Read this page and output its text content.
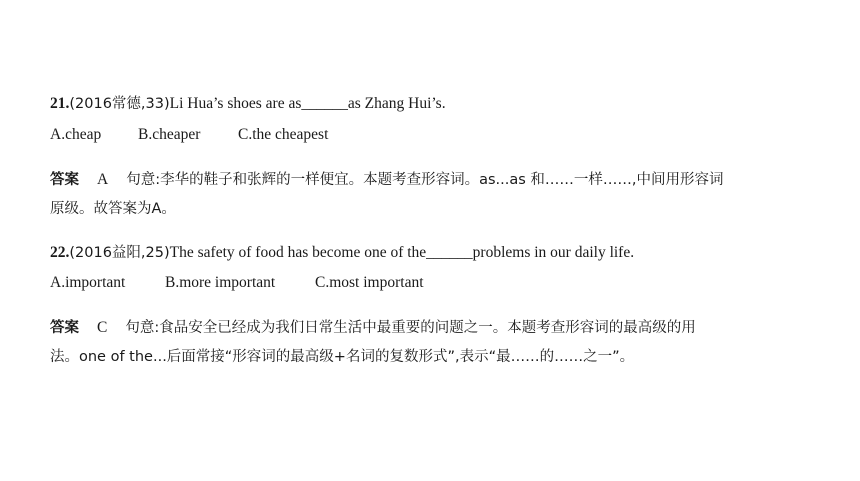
21.(2016常德,33)Li Hua’s shoes are as______as Zhang Hui’s.
A.cheap B.cheaper C.the cheapest
答案 A 句意:李华的鞋子和张辉的一样便宜。本题考查形容词。as...as 和……一样……,中间用形容词
原级。故答案为A。
22.(2016益阳,25)The safety of food has become one of the______problems in our daily life.
A.important	B.more important	C.most important
答案 C 句意:食品安全已经成为我们日常生活中最重要的问题之一。本题考查形容词的最高级的用
法。one of the...后面常接“形容词的最高级+名词的复数形式”,表示“最……的……之一”。
